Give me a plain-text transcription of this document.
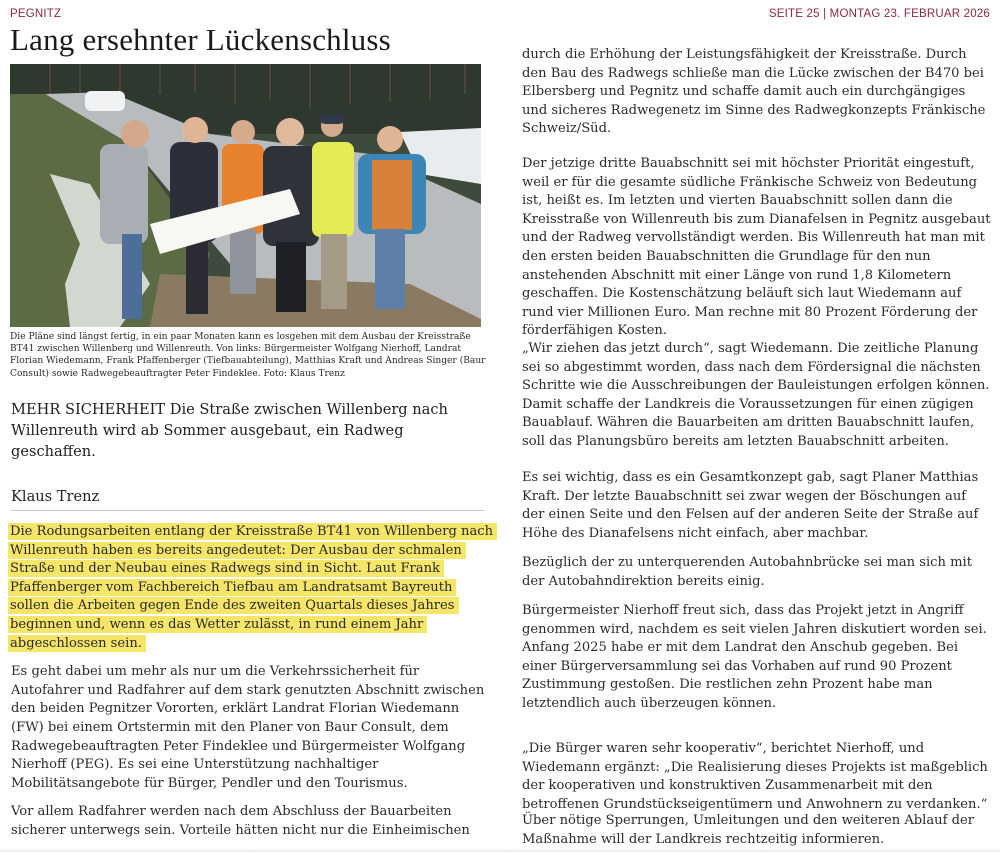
PEGNITZ	SEITE 25 | MONTAG 23. FEBRUAR 2026
Lang ersehnter Lückenschluss
Die Pläne sind längst fertig, in ein paar Monaten kann es losgehen mit dem Ausbau der Kreisstraße BT41 zwischen Willenberg und Willenreuth. Von links: Bürgermeister Wolfgang Nierhoff, Landrat Florian Wiedemann, Frank Pfaffenberger (Tiefbauabteilung), Matthias Kraft und Andreas Singer (Baur Consult) sowie Radwegebeauftragter Peter Findeklee. Foto: Klaus Trenz
MEHR SICHERHEIT Die Straße zwischen Willenberg nach Willenreuth wird ab Sommer ausgebaut, ein Radweg geschaffen.
Klaus Trenz

Die Rodungsarbeiten entlang der Kreisstraße BT41 von Willenberg nach Willenreuth haben es bereits angedeutet: Der Ausbau der schmalen Straße und der Neubau eines Radwegs sind in Sicht. Laut Frank Pfaffenberger vom Fachbereich Tiefbau am Landratsamt Bayreuth sollen die Arbeiten gegen Ende des zweiten Quartals dieses Jahres beginnen und, wenn es das Wetter zulässt, in rund einem Jahr abgeschlossen sein.

Es geht dabei um mehr als nur um die Verkehrssicherheit für Autofahrer und Radfahrer auf dem stark genutzten Abschnitt zwischen den beiden Pegnitzer Vororten, erklärt Landrat Florian Wiedemann (FW) bei einem Ortstermin mit den Planer von Baur Consult, dem Radwegebeauftragten Peter Findeklee und Bürgermeister Wolfgang Nierhoff (PEG). Es sei eine Unterstützung nachhaltiger Mobilitätsangebote für Bürger, Pendler und den Tourismus.

Vor allem Radfahrer werden nach dem Abschluss der Bauarbeiten sicherer unterwegs sein. Vorteile hätten nicht nur die Einheimischen

durch die Erhöhung der Leistungsfähigkeit der Kreisstraße. Durch den Bau des Radwegs schließe man die Lücke zwischen der B470 bei Elbersberg und Pegnitz und schaffe damit auch ein durchgängiges und sicheres Radwegenetz im Sinne des Radwegkonzepts Fränkische Schweiz/Süd.

Der jetzige dritte Bauabschnitt sei mit höchster Priorität eingestuft, weil er für die gesamte südliche Fränkische Schweiz von Bedeutung ist, heißt es. Im letzten und vierten Bauabschnitt sollen dann die Kreisstraße von Willenreuth bis zum Dianafelsen in Pegnitz ausgebaut und der Radweg vervollständigt werden. Bis Willenreuth hat man mit den ersten beiden Bauabschnitten die Grundlage für den nun anstehenden Abschnitt mit einer Länge von rund 1,8 Kilometern geschaffen. Die Kostenschätzung beläuft sich laut Wiedemann auf rund vier Millionen Euro. Man rechne mit 80 Prozent Förderung der förderfähigen Kosten.

„Wir ziehen das jetzt durch“, sagt Wiedemann. Die zeitliche Planung sei so abgestimmt worden, dass nach dem Fördersignal die nächsten Schritte wie die Ausschreibungen der Bauleistungen erfolgen können. Damit schaffe der Landkreis die Voraussetzungen für einen zügigen Bauablauf. Währen die Bauarbeiten am dritten Bauabschnitt laufen, soll das Planungsbüro bereits am letzten Bauabschnitt arbeiten.

Es sei wichtig, dass es ein Gesamtkonzept gab, sagt Planer Matthias Kraft. Der letzte Bauabschnitt sei zwar wegen der Böschungen auf der einen Seite und den Felsen auf der anderen Seite der Straße auf Höhe des Dianafelsens nicht einfach, aber machbar.

Bezüglich der zu unterquerenden Autobahnbrücke sei man sich mit der Autobahndirektion bereits einig.

Bürgermeister Nierhoff freut sich, dass das Projekt jetzt in Angriff genommen wird, nachdem es seit vielen Jahren diskutiert worden sei. Anfang 2025 habe er mit dem Landrat den Anschub gegeben. Bei einer Bürgerversammlung sei das Vorhaben auf rund 90 Prozent Zustimmung gestoßen. Die restlichen zehn Prozent habe man letztendlich auch überzeugen können.

„Die Bürger waren sehr kooperativ“, berichtet Nierhoff, und Wiedemann ergänzt: „Die Realisierung dieses Projekts ist maßgeblich der kooperativen und konstruktiven Zusammenarbeit mit den betroffenen Grundstückseigentümern und Anwohnern zu verdanken.“

Über nötige Sperrungen, Umleitungen und den weiteren Ablauf der Maßnahme will der Landkreis rechtzeitig informieren.
